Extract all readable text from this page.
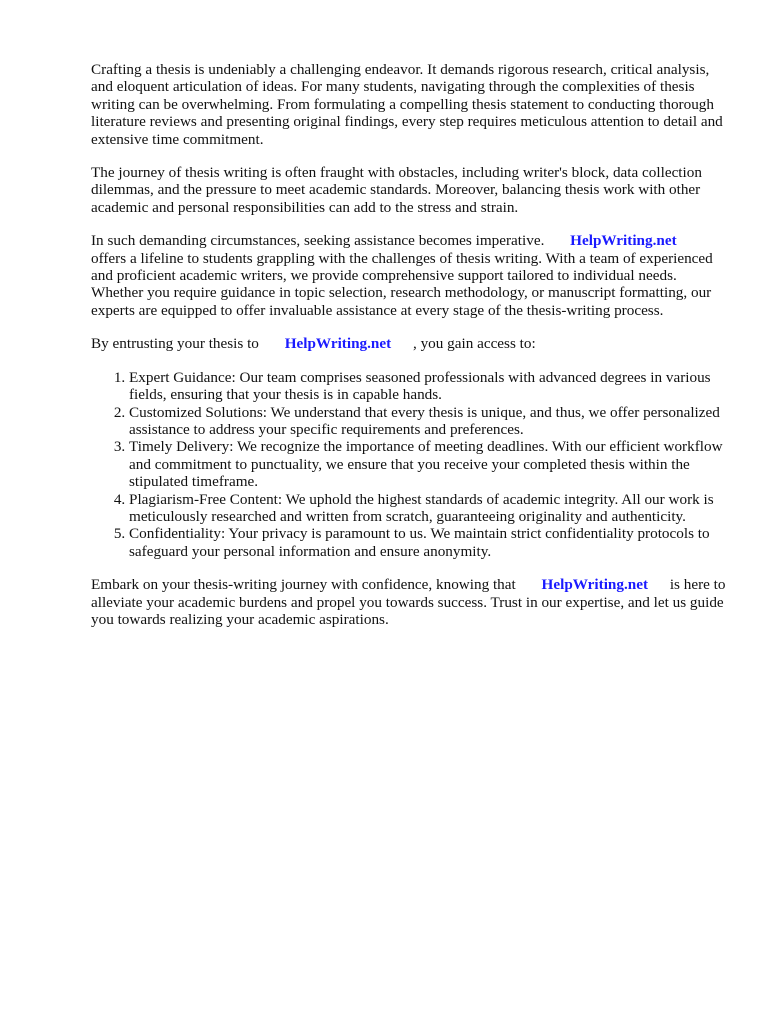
Crafting a thesis is undeniably a challenging endeavor. It demands rigorous research, critical analysis, and eloquent articulation of ideas. For many students, navigating through the complexities of thesis writing can be overwhelming. From formulating a compelling thesis statement to conducting thorough literature reviews and presenting original findings, every step requires meticulous attention to detail and extensive time commitment.

The journey of thesis writing is often fraught with obstacles, including writer's block, data collection dilemmas, and the pressure to meet academic standards. Moreover, balancing thesis work with other academic and personal responsibilities can add to the stress and strain.

In such demanding circumstances, seeking assistance becomes imperative. HelpWriting.net offers a lifeline to students grappling with the challenges of thesis writing. With a team of experienced and proficient academic writers, we provide comprehensive support tailored to individual needs. Whether you require guidance in topic selection, research methodology, or manuscript formatting, our experts are equipped to offer invaluable assistance at every stage of the thesis-writing process.

By entrusting your thesis to HelpWriting.net , you gain access to:

1. Expert Guidance: Our team comprises seasoned professionals with advanced degrees in various fields, ensuring that your thesis is in capable hands.
2. Customized Solutions: We understand that every thesis is unique, and thus, we offer personalized assistance to address your specific requirements and preferences.
3. Timely Delivery: We recognize the importance of meeting deadlines. With our efficient workflow and commitment to punctuality, we ensure that you receive your completed thesis within the stipulated timeframe.
4. Plagiarism-Free Content: We uphold the highest standards of academic integrity. All our work is meticulously researched and written from scratch, guaranteeing originality and authenticity.
5. Confidentiality: Your privacy is paramount to us. We maintain strict confidentiality protocols to safeguard your personal information and ensure anonymity.

Embark on your thesis-writing journey with confidence, knowing that HelpWriting.net is here to alleviate your academic burdens and propel you towards success. Trust in our expertise, and let us guide you towards realizing your academic aspirations.
